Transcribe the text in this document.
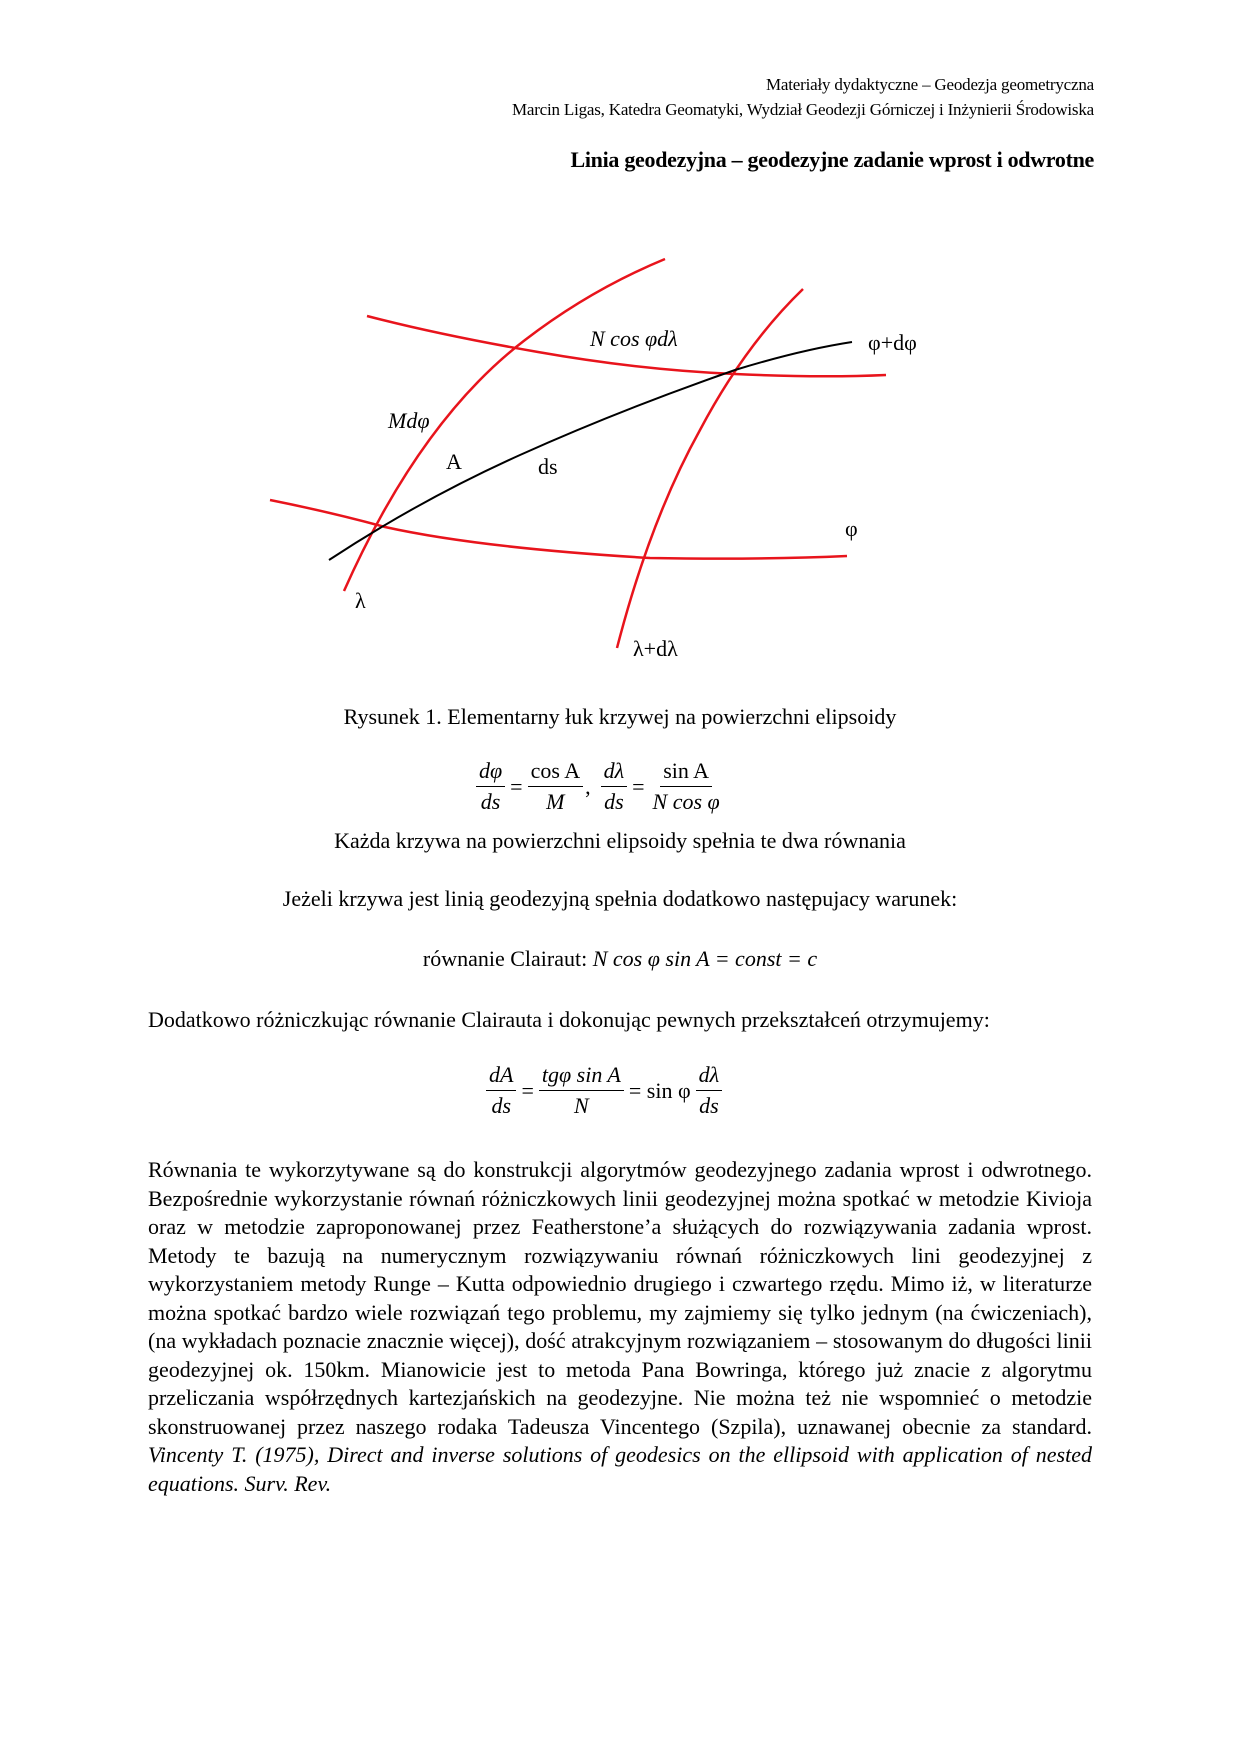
Materiały dydaktyczne – Geodezja geometryczna
Marcin Ligas, Katedra Geomatyki, Wydział Geodezji Górniczej i Inżynierii Środowiska
Linia geodezyjna – geodezyjne zadanie wprost i odwrotne
N cos φdλ	φ+dφ
Mdφ
A	ds
φ
λ
λ+dλ
Rysunek 1. Elementarny łuk krzywej na powierzchni elipsoidy
$\frac{d\varphi}{ds} = \frac{\text{cos A}}{M}$ , $\frac{d\lambda}{ds} = \frac{\text{sin A}}{\text{N cos φ}}$
Każda krzywa na powierzchni elipsoidy spełnia te dwa równania
Jeżeli krzywa jest linią geodezyjną spełnia dodatkowo następujacy warunek:
równanie Clairaut: N cos φ sin A = const = c
Dodatkowo różniczkując równanie Clairauta i dokonując pewnych przekształceń otrzymujemy:
$\frac{dA}{ds} = \frac{\text{tgφ sin A}}{N} = \sin \varphi \frac{d\lambda}{ds}$
Równania te wykorzytywane są do konstrukcji algorytmów geodezyjnego zadania wprost i odwrotnego. Bezpośrednie wykorzystanie równań różniczkowych linii geodezyjnej można spotkać w metodzie Kivioja oraz w metodzie zaproponowanej przez Featherstone’a służących do rozwiązywania zadania wprost. Metody te bazują na numerycznym rozwiązywaniu równań różniczkowych lini geodezyjnej z wykorzystaniem metody Runge – Kutta odpowiednio drugiego i czwartego rzędu. Mimo iż, w literaturze można spotkać bardzo wiele rozwiązań tego problemu, my zajmiemy się tylko jednym (na ćwiczeniach), (na wykładach poznacie znacznie więcej), dość atrakcyjnym rozwiązaniem – stosowanym do długości linii geodezyjnej ok. 150km. Mianowicie jest to metoda Pana Bowringa, którego już znacie z algorytmu przeliczania współrzędnych kartezjańskich na geodezyjne. Nie można też nie wspomnieć o metodzie skonstruowanej przez naszego rodaka Tadeusza Vincentego (Szpila), uznawanej obecnie za standard. Vincenty T. (1975), Direct and inverse solutions of geodesics on the ellipsoid with application of nested equations. Surv. Rev.
